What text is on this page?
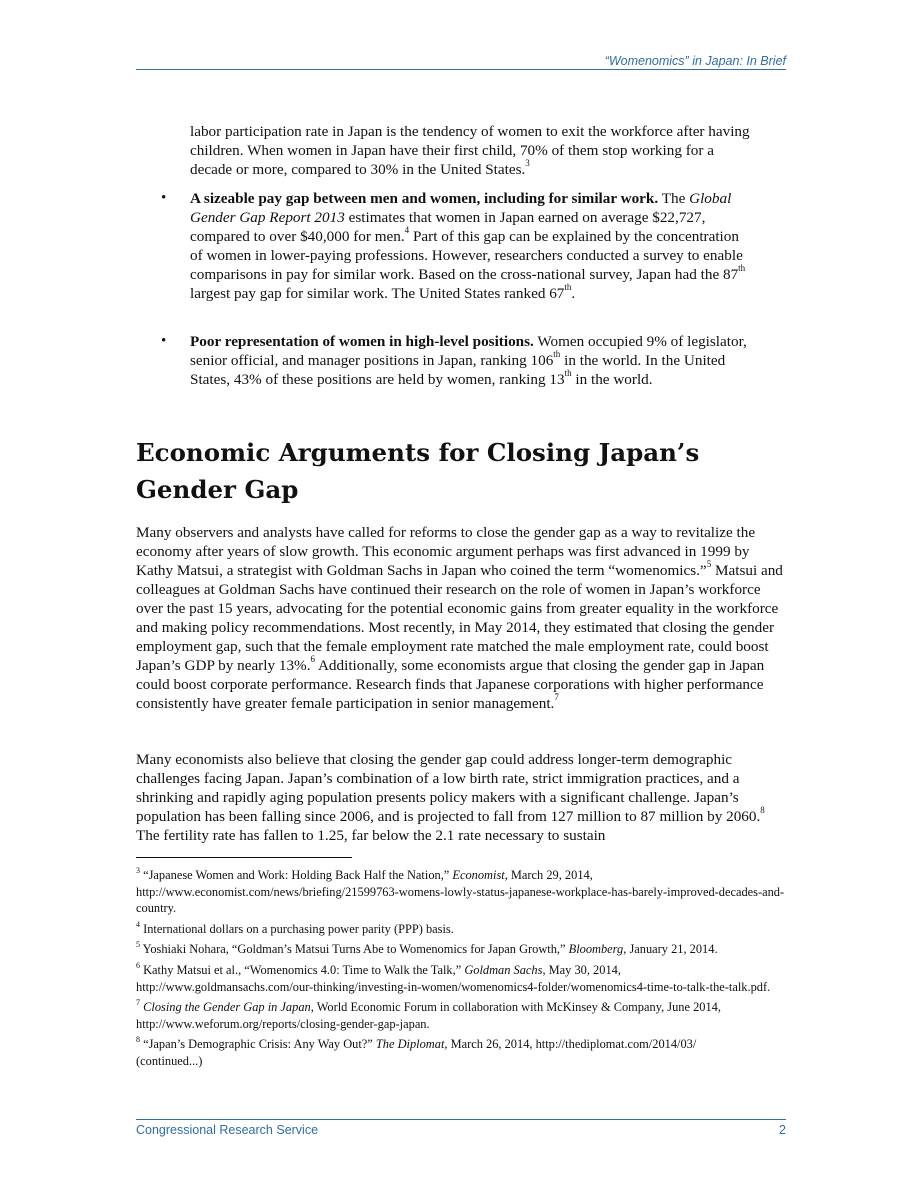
“Womenomics” in Japan: In Brief

labor participation rate in Japan is the tendency of women to exit the workforce after having children. When women in Japan have their first child, 70% of them stop working for a decade or more, compared to 30% in the United States.$^3$

• A sizeable pay gap between men and women, including for similar work. The Global Gender Gap Report 2013 estimates that women in Japan earned on average $22,727, compared to over $40,000 for men.$^4$ Part of this gap can be explained by the concentration of women in lower-paying professions. However, researchers conducted a survey to enable comparisons in pay for similar work. Based on the cross-national survey, Japan had the 87th largest pay gap for similar work. The United States ranked 67th.
• Poor representation of women in high-level positions. Women occupied 9% of legislator, senior official, and manager positions in Japan, ranking 106th in the world. In the United States, 43% of these positions are held by women, ranking 13th in the world.
Economic Arguments for Closing Japan’s
Gender Gap

Many observers and analysts have called for reforms to close the gender gap as a way to revitalize the economy after years of slow growth. This economic argument perhaps was first advanced in 1999 by Kathy Matsui, a strategist with Goldman Sachs in Japan who coined the term “womenomics.”$^5$ Matsui and colleagues at Goldman Sachs have continued their research on the role of women in Japan’s workforce over the past 15 years, advocating for the potential economic gains from greater equality in the workforce and making policy recommendations. Most recently, in May 2014, they estimated that closing the gender employment gap, such that the female employment rate matched the male employment rate, could boost Japan’s GDP by nearly 13%.$^6$ Additionally, some economists argue that closing the gender gap in Japan could boost corporate performance. Research finds that Japanese corporations with higher performance consistently have greater female participation in senior management.$^7$

Many economists also believe that closing the gender gap could address longer-term demographic challenges facing Japan. Japan’s combination of a low birth rate, strict immigration practices, and a shrinking and rapidly aging population presents policy makers with a significant challenge. Japan’s population has been falling since 2006, and is projected to fall from 127 million to 87 million by 2060.$^8$ The fertility rate has fallen to 1.25, far below the 2.1 rate necessary to sustain

$^3$ “Japanese Women and Work: Holding Back Half the Nation,” Economist, March 29, 2014,
http://www.economist.com/news/briefing/21599763-womens-lowly-status-japanese-workplace-has-barely-improved-decades-and-country.

$^4$ International dollars on a purchasing power parity (PPP) basis.

$^5$ Yoshiaki Nohara, “Goldman’s Matsui Turns Abe to Womenomics for Japan Growth,” Bloomberg, January 21, 2014.

$^6$ Kathy Matsui et al., “Womenomics 4.0: Time to Walk the Talk,” Goldman Sachs, May 30, 2014,
http://www.goldmansachs.com/our-thinking/investing-in-women/womenomics4-folder/womenomics4-time-to-talk-the-talk.pdf.

$^7$ Closing the Gender Gap in Japan, World Economic Forum in collaboration with McKinsey & Company, June 2014,
http://www.weforum.org/reports/closing-gender-gap-japan.

$^8$ “Japan’s Demographic Crisis: Any Way Out?” The Diplomat, March 26, 2014, http://thediplomat.com/2014/03/
(continued...)

Congressional Research Service	2
